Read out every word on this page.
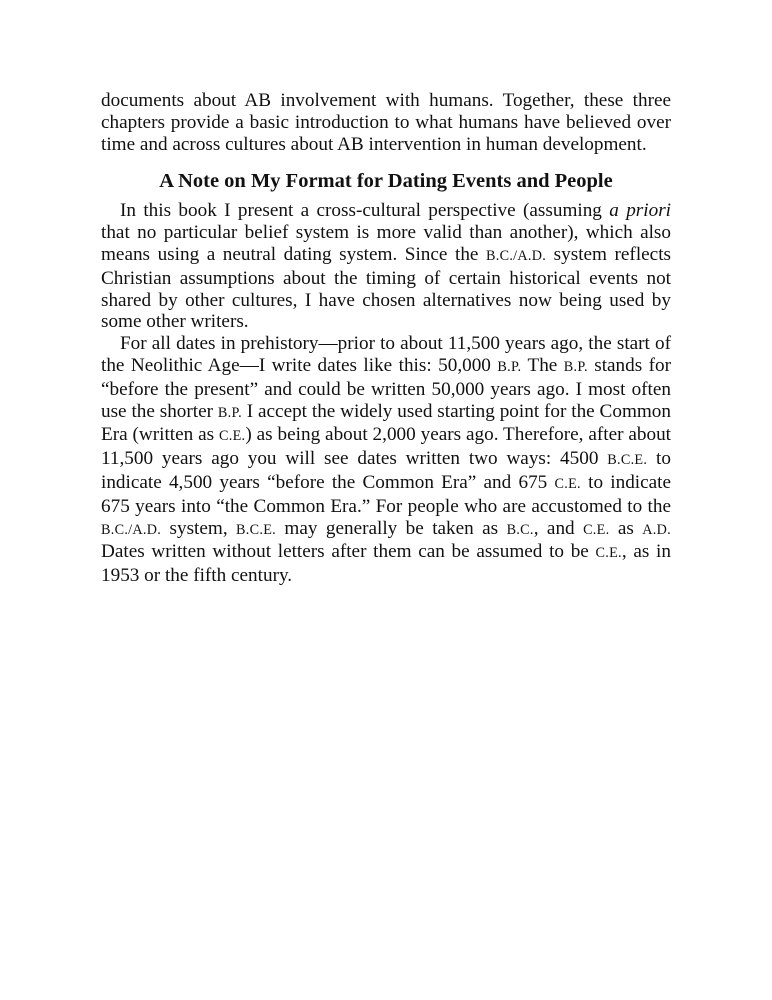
documents about AB involvement with humans. Together, these three chapters provide a basic introduction to what humans have believed over time and across cultures about AB intervention in human development.

A Note on My Format for Dating Events and People

In this book I present a cross-cultural perspective (assuming a priori that no particular belief system is more valid than another), which also means using a neutral dating system. Since the B.C./A.D. system reflects Christian assumptions about the timing of certain historical events not shared by other cultures, I have chosen alternatives now being used by some other writers.

For all dates in prehistory—prior to about 11,500 years ago, the start of the Neolithic Age—I write dates like this: 50,000 B.P. The B.P. stands for “before the present” and could be written 50,000 years ago. I most often use the shorter B.P. I accept the widely used starting point for the Common Era (written as C.E.) as being about 2,000 years ago. Therefore, after about 11,500 years ago you will see dates written two ways: 4500 B.C.E. to indicate 4,500 years “before the Common Era” and 675 C.E. to indicate 675 years into “the Common Era.” For people who are accustomed to the B.C./A.D. system, B.C.E. may generally be taken as B.C., and C.E. as A.D. Dates written without letters after them can be assumed to be C.E., as in 1953 or the fifth century.
